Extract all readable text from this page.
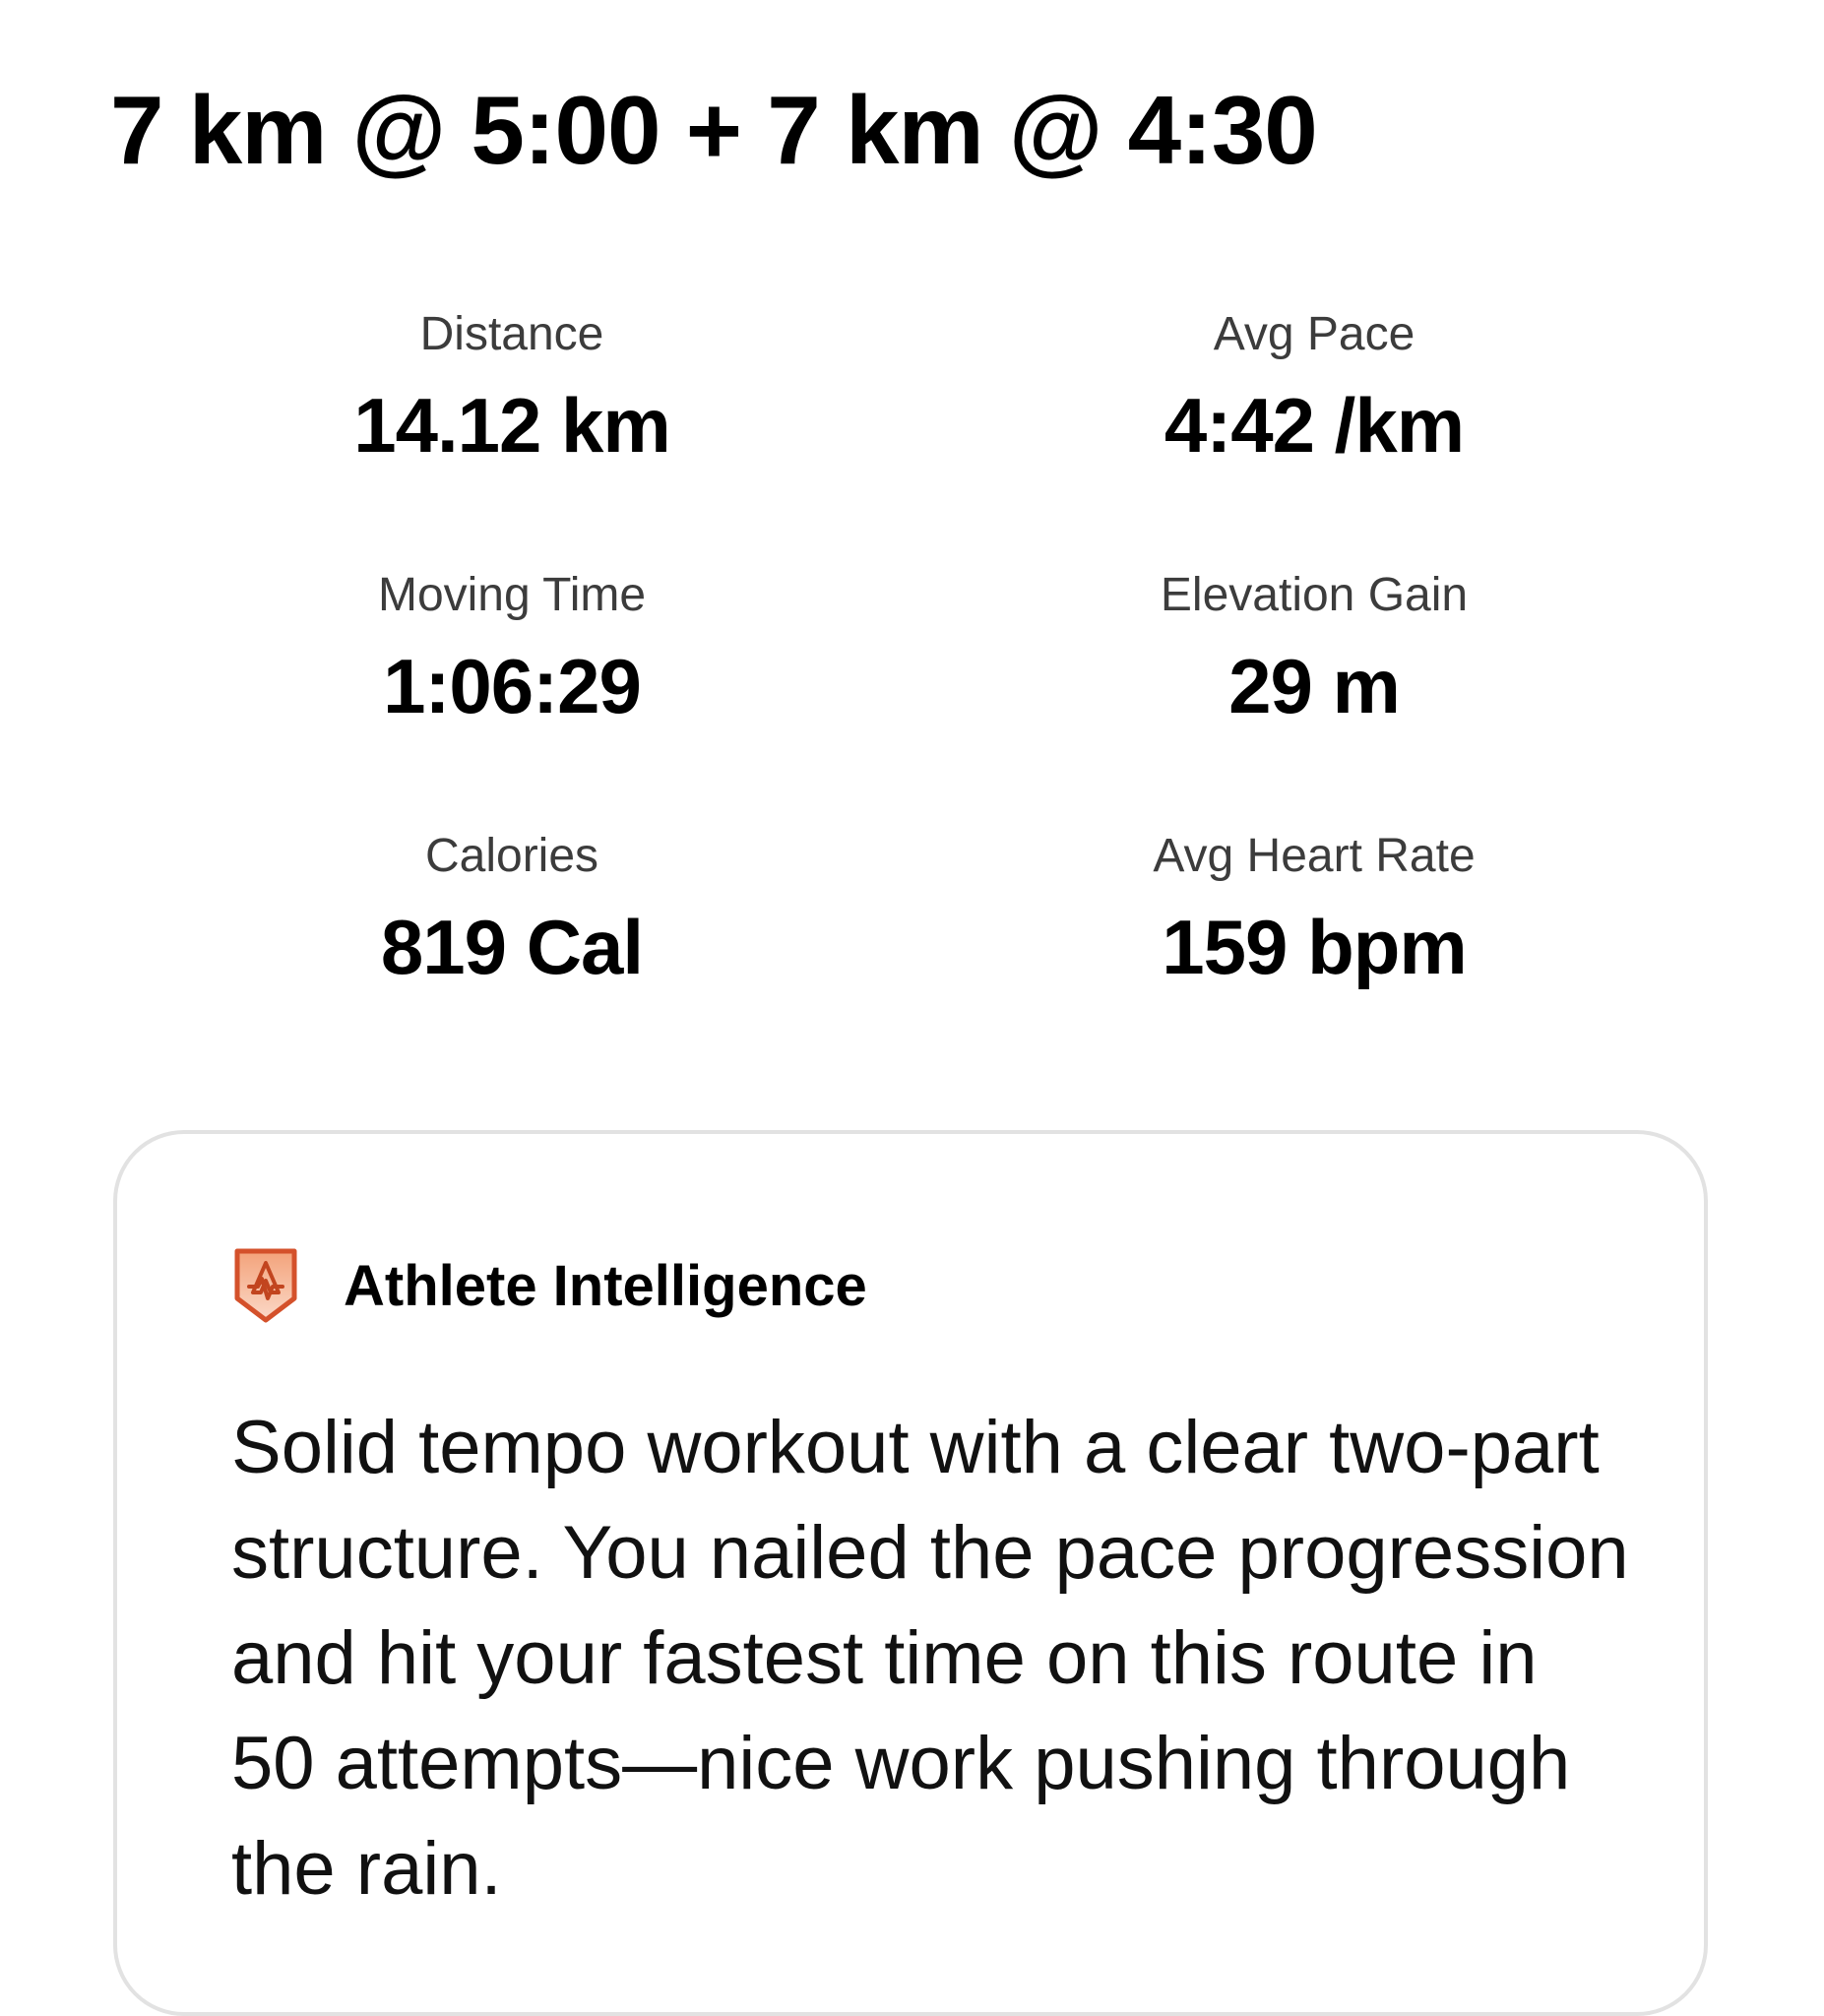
7 km @ 5:00 + 7 km @ 4:30
Distance
14.12 km
Avg Pace
4:42 /km
Moving Time
1:06:29
Elevation Gain
29 m
Calories
819 Cal
Avg Heart Rate
159 bpm
Athlete Intelligence
Solid tempo workout with a clear two-part structure. You nailed the pace progression and hit your fastest time on this route in 50 attempts—nice work pushing through the rain.
